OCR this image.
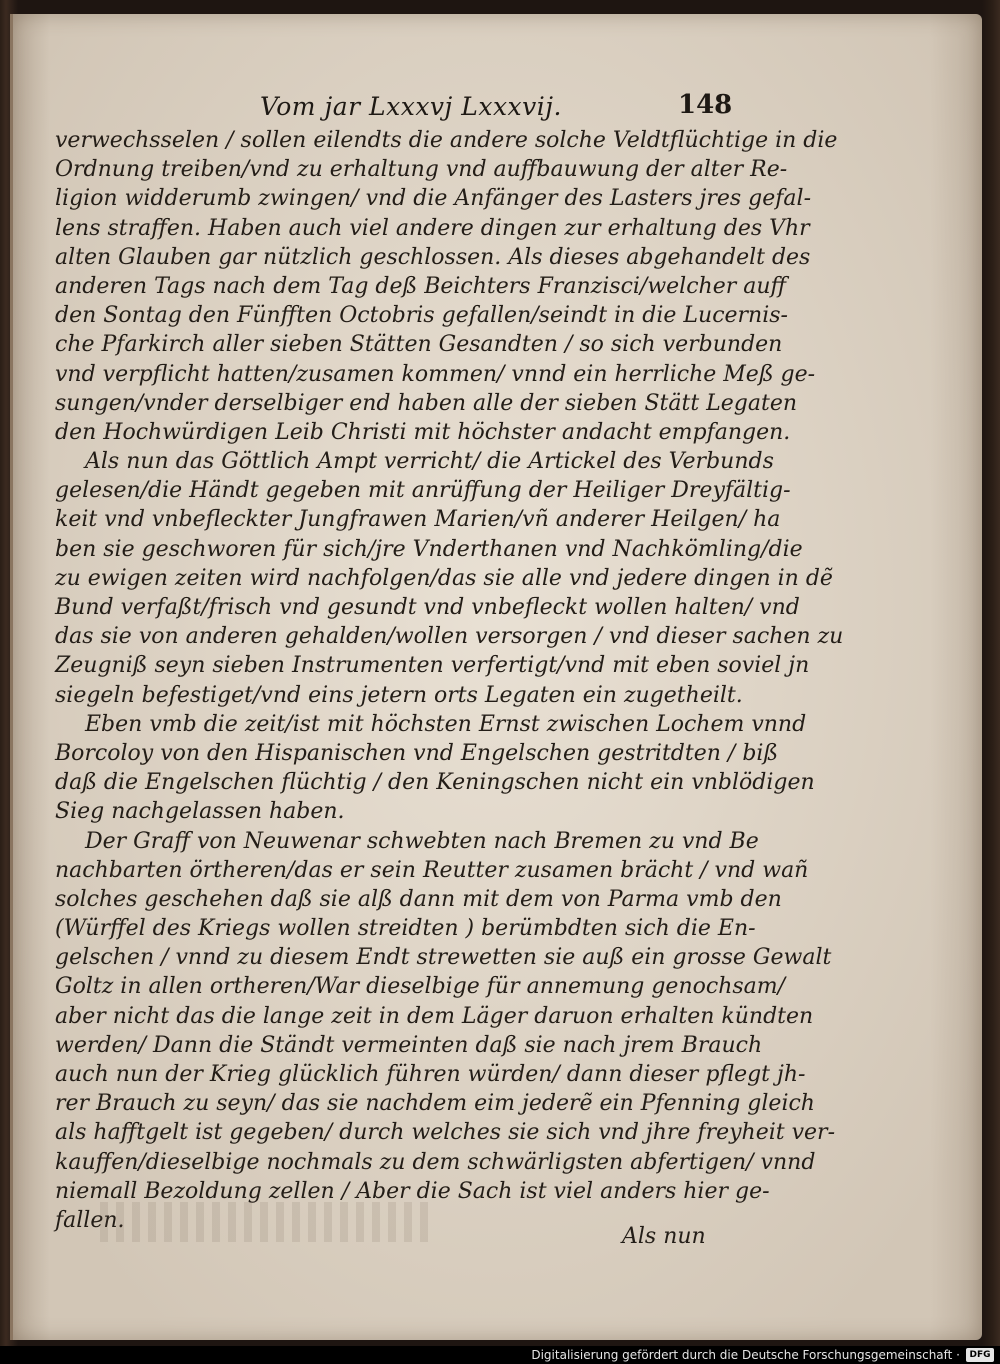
Vom jar Lxxxvj Lxxxvij.	148
verwechsselen / sollen eilendts die andere solche Veldtflüchtige in die
Ordnung treiben/vnd zu erhaltung vnd auffbauwung der alter Re-
ligion widderumb zwingen/ vnd die Anfänger des Lasters jres gefal-
lens straffen. Haben auch viel andere dingen zur erhaltung des Vhr
alten Glauben gar nützlich geschlossen. Als dieses abgehandelt des
anderen Tags nach dem Tag deß Beichters Franzisci/welcher auff
den Sontag den Fünfften Octobris gefallen/seindt in die Lucernis-
che Pfarkirch aller sieben Stätten Gesandten / so sich verbunden
vnd verpflicht hatten/zusamen kommen/ vnnd ein herrliche Meß ge-
sungen/vnder derselbiger end haben alle der sieben Stätt Legaten
den Hochwürdigen Leib Christi mit höchster andacht empfangen.
Als nun das Göttlich Ampt verricht/ die Artickel des Verbunds
gelesen/die Händt gegeben mit anrüffung der Heiliger Dreyfältig-
keit vnd vnbefleckter Jungfrawen Marien/vñ anderer Heilgen/ ha
ben sie geschworen für sich/jre Vnderthanen vnd Nachkömling/die
zu ewigen zeiten wird nachfolgen/das sie alle vnd jedere dingen in dẽ
Bund verfaßt/frisch vnd gesundt vnd vnbefleckt wollen halten/ vnd
das sie von anderen gehalden/wollen versorgen / vnd dieser sachen zu
Zeugniß seyn sieben Instrumenten verfertigt/vnd mit eben soviel jn
siegeln befestiget/vnd eins jetern orts Legaten ein zugetheilt.
Eben vmb die zeit/ist mit höchsten Ernst zwischen Lochem vnnd
Borcoloy von den Hispanischen vnd Engelschen gestritdten / biß
daß die Engelschen flüchtig / den Keningschen nicht ein vnblödigen
Sieg nachgelassen haben.
Der Graff von Neuwenar schwebten nach Bremen zu vnd Be
nachbarten örtheren/das er sein Reutter zusamen brächt / vnd wañ
solches geschehen daß sie alß dann mit dem von Parma vmb den
(Würffel des Kriegs wollen streidten ) berümbdten sich die En-
gelschen / vnnd zu diesem Endt strewetten sie auß ein grosse Gewalt
Goltz in allen ortheren/War dieselbige für annemung genochsam/
aber nicht das die lange zeit in dem Läger daruon erhalten kündten
werden/ Dann die Ständt vermeinten daß sie nach jrem Brauch
auch nun der Krieg glücklich führen würden/ dann dieser pflegt jh-
rer Brauch zu seyn/ das sie nachdem eim jederẽ ein Pfenning gleich
als hafftgelt ist gegeben/ durch welches sie sich vnd jhre freyheit ver-
kauffen/dieselbige nochmals zu dem schwärligsten abfertigen/ vnnd
niemall Bezoldung zellen / Aber die Sach ist viel anders hier ge-
fallen.
Als nun
Digitalisierung gefördert durch die Deutsche Forschungsgemeinschaft ·	DFG
